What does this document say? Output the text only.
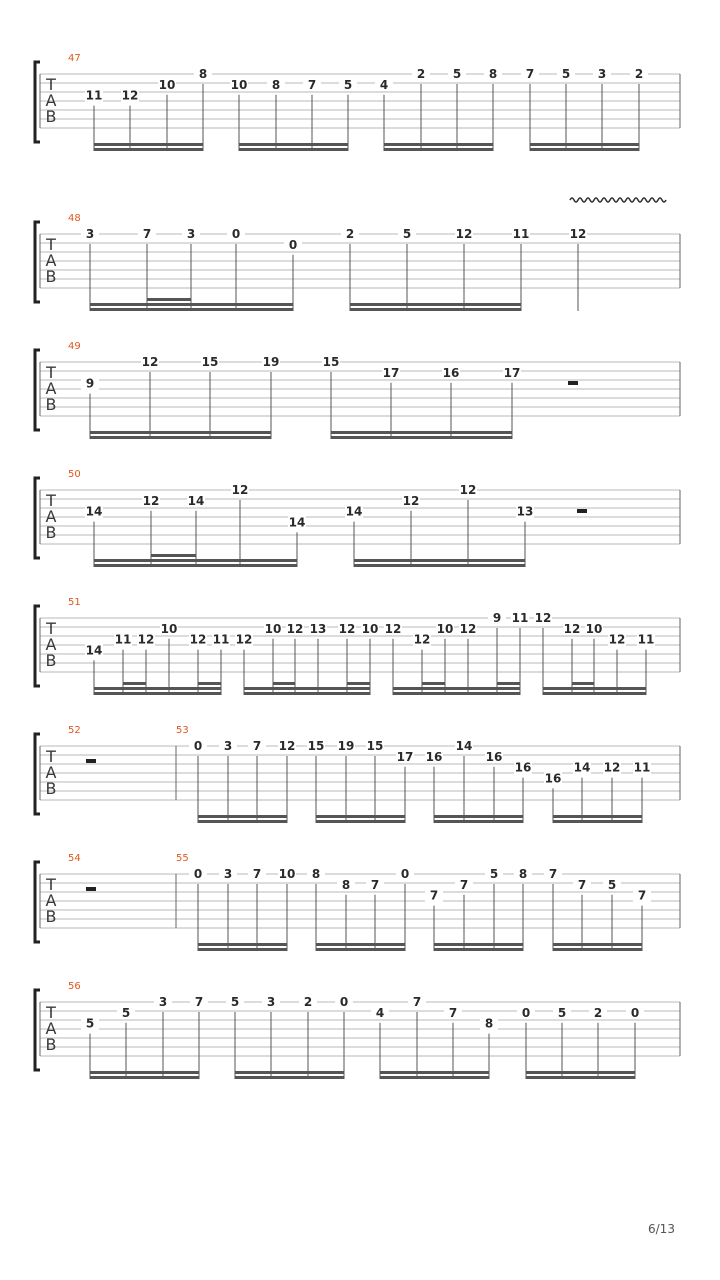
T
A
B
47
11 12
10
8
10 8 7 5 4
2 5 8 7 5 3 2
T
A
B
48
3	7	3	0
0
2	5	12	11	12
T
A
B
49
9
12	15	19	15
17	16	17
T
A
B
50
14
12 14
12
14
14
12
12
13
T
A
B
51
14
11 12
10
12 11 12
10 12 13 12 10 12
12
10 12
9 11 12
12 10
12 11
T
A
B
52	53
0 3 7 12 15 19 15
17 16
14
16
16
16
14 12 11
T
A
B
54	55
0 3 7 10 8
8 7
0
7
7
5 8 7
7 5
7
T
A
B
56
5
5
3 7 5 3 2 0
4
7
7
8
0 5 2 0
6/13
